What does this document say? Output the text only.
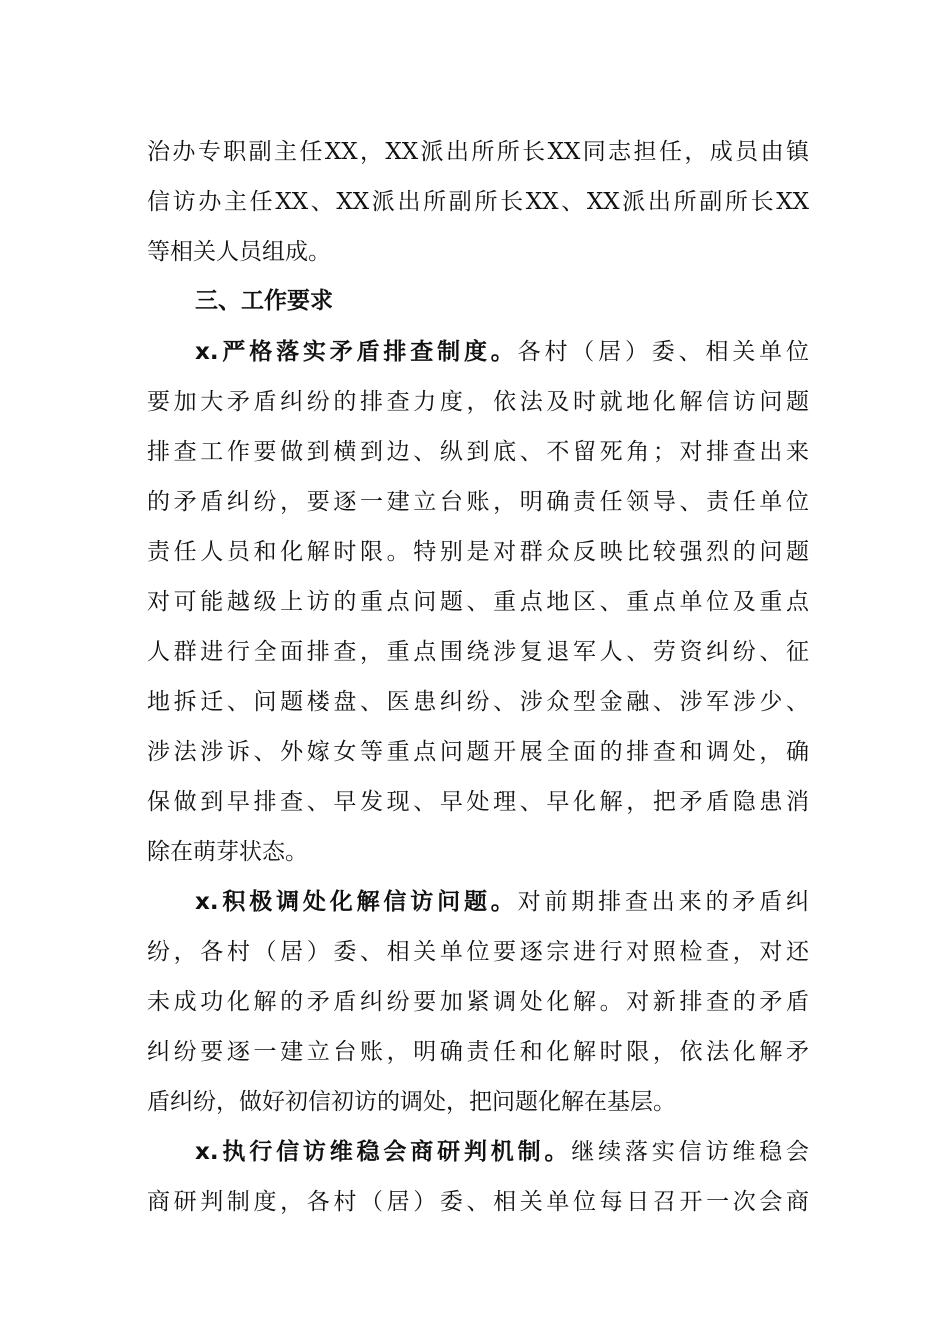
治办专职副主任XX，XX派出所所长XX同志担任，成员由镇
信访办主任XX、XX派出所副所长XX、XX派出所副所长XX
等相关人员组成。
三、工作要求
x.严格落实矛盾排查制度。各村（居）委、相关单位
要加大矛盾纠纷的排查力度，依法及时就地化解信访问题
排查工作要做到横到边、纵到底、不留死角；对排查出来
的矛盾纠纷，要逐一建立台账，明确责任领导、责任单位
责任人员和化解时限。特别是对群众反映比较强烈的问题
对可能越级上访的重点问题、重点地区、重点单位及重点
人群进行全面排查，重点围绕涉复退军人、劳资纠纷、征
地拆迁、问题楼盘、医患纠纷、涉众型金融、涉军涉少、
涉法涉诉、外嫁女等重点问题开展全面的排查和调处，确
保做到早排查、早发现、早处理、早化解，把矛盾隐患消
除在萌芽状态。
x.积极调处化解信访问题。对前期排查出来的矛盾纠
纷，各村（居）委、相关单位要逐宗进行对照检查，对还
未成功化解的矛盾纠纷要加紧调处化解。对新排查的矛盾
纠纷要逐一建立台账，明确责任和化解时限，依法化解矛
盾纠纷，做好初信初访的调处，把问题化解在基层。
x.执行信访维稳会商研判机制。继续落实信访维稳会
商研判制度，各村（居）委、相关单位每日召开一次会商
